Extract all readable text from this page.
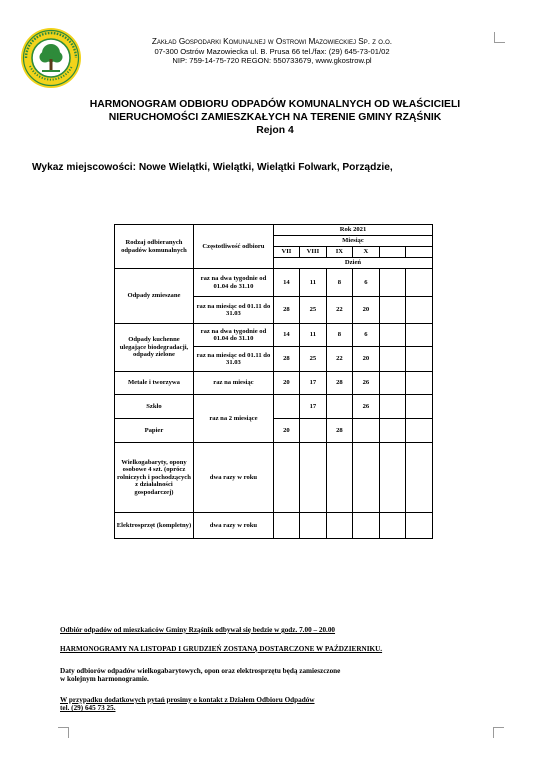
Zakład Gospodarki Komunalnej w Ostrowi Mazowieckiej Sp. z o.o.
07-300 Ostrów Mazowiecka ul. B. Prusa 66 tel./fax: (29) 645-73-01/02
NIP: 759-14-75-720 REGON: 550733679, www.gkostrow.pl
HARMONOGRAM ODBIORU ODPADÓW KOMUNALNYCH OD WŁAŚCICIELI
NIERUCHOMOŚCI ZAMIESZKAŁYCH NA TERENIE GMINY RZĄŚNIK
Rejon 4
Wykaz miejscowości: Nowe Wielątki, Wielątki, Wielątki Folwark, Porządzie,
Rodzaj odbieranych odpadów komunalnych	Częstotliwość odbioru	Rok 2021					
		Miesiąc					
		VII	VIII	IX	X		
		Dzień					
Odpady zmieszane	raz na dwa tygodnie od 01.04 do 31.10	14	11	8	6		
	raz na miesiąc od 01.11 do 31.03	28	25	22	20		
Odpady kuchenne ulegające biodegradacji, odpady zielone	raz na dwa tygodnie od 01.04 do 31.10	14	11	8	6		
	raz na miesiąc od 01.11 do 31.03	28	25	22	20		
Metale i tworzywa	raz na miesiąc	20	17	28	26		
Szkło	raz na 2 miesiące		17		26		
Papier		20		28			
Wielkogabaryty, opony osobowe 4 szt. (oprócz rolniczych i pochodzących z działalności gospodarczej)	dwa razy w roku						
Elektrosprzęt (kompletny)	dwa razy w roku						
Odbiór odpadów od mieszkańców Gminy Rząśnik odbywał się bedzie w godz. 7.00 – 20.00
HARMONOGRAMY NA LISTOPAD I GRUDZIEŃ ZOSTANĄ DOSTARCZONE W PAŹDZIERNIKU.
Daty odbiorów odpadów wielkogabarytowych, opon oraz elektrosprzętu będą zamieszczone
w kolejnym harmonogramie.
W przypadku dodatkowych pytań prosimy o kontakt z Działem Odbioru Odpadów
tel. (29) 645 73 25.
